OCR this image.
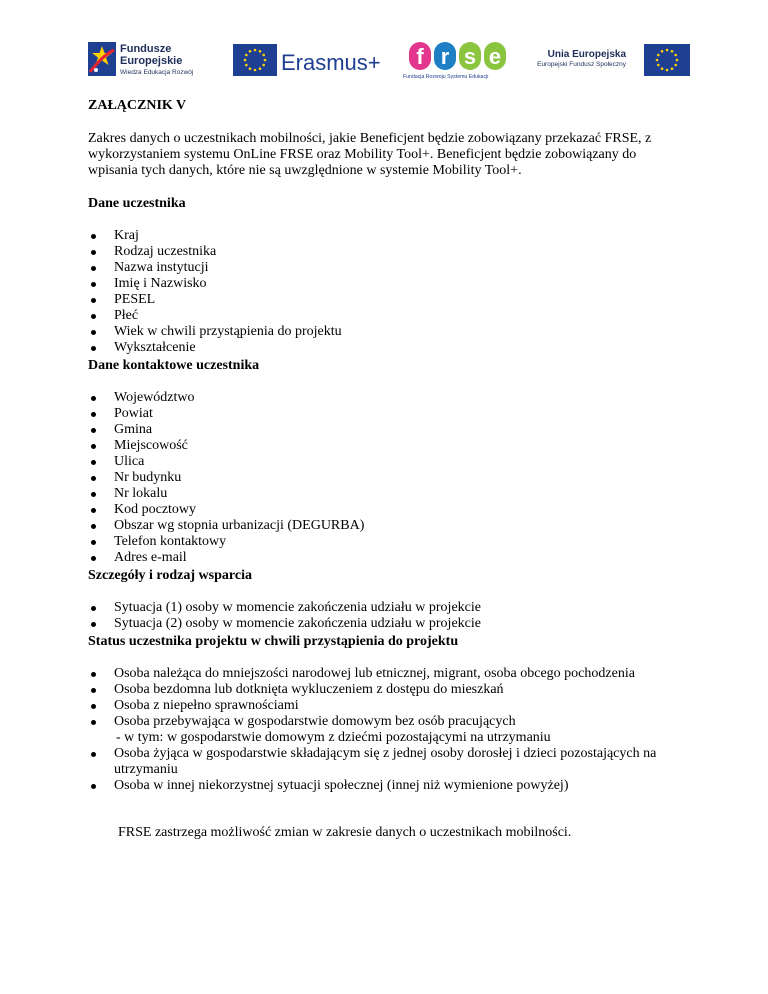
Fundusze
Europejskie
Wiedza Edukacja Rozwój	Erasmus+ f r s e
Fundacja Rozwoju Systemu Edukacji
Unia Europejska
Europejski Fundusz Społeczny

ZAŁĄCZNIK V

Zakres danych o uczestnikach mobilności, jakie Beneficjent będzie zobowiązany przekazać FRSE, z wykorzystaniem systemu OnLine FRSE oraz Mobility Tool+. Beneficjent będzie zobowiązany do wpisania tych danych, które nie są uwzględnione w systemie Mobility Tool+.

Dane uczestnika

Kraj
Rodzaj uczestnika
Nazwa instytucji
Imię i Nazwisko
PESEL
Płeć
Wiek w chwili przystąpienia do projektu
Wykształcenie

Dane kontaktowe uczestnika

Województwo
Powiat
Gmina
Miejscowość
Ulica
Nr budynku
Nr lokalu
Kod pocztowy
Obszar wg stopnia urbanizacji (DEGURBA)
Telefon kontaktowy
Adres e-mail

Szczegóły i rodzaj wsparcia

Sytuacja (1) osoby w momencie zakończenia udziału w projekcie
Sytuacja (2) osoby w momencie zakończenia udziału w projekcie

Status uczestnika projektu w chwili przystąpienia do projektu

Osoba należąca do mniejszości narodowej lub etnicznej, migrant, osoba obcego pochodzenia
Osoba bezdomna lub dotknięta wykluczeniem z dostępu do mieszkań
Osoba z niepełno sprawnościami
Osoba przebywająca w gospodarstwie domowym bez osób pracujących
- w tym: w gospodarstwie domowym z dziećmi pozostającymi na utrzymaniu
Osoba żyjąca w gospodarstwie składającym się z jednej osoby dorosłej i dzieci pozostających na utrzymaniu
Osoba w innej niekorzystnej sytuacji społecznej (innej niż wymienione powyżej)

FRSE zastrzega możliwość zmian w zakresie danych o uczestnikach mobilności.
